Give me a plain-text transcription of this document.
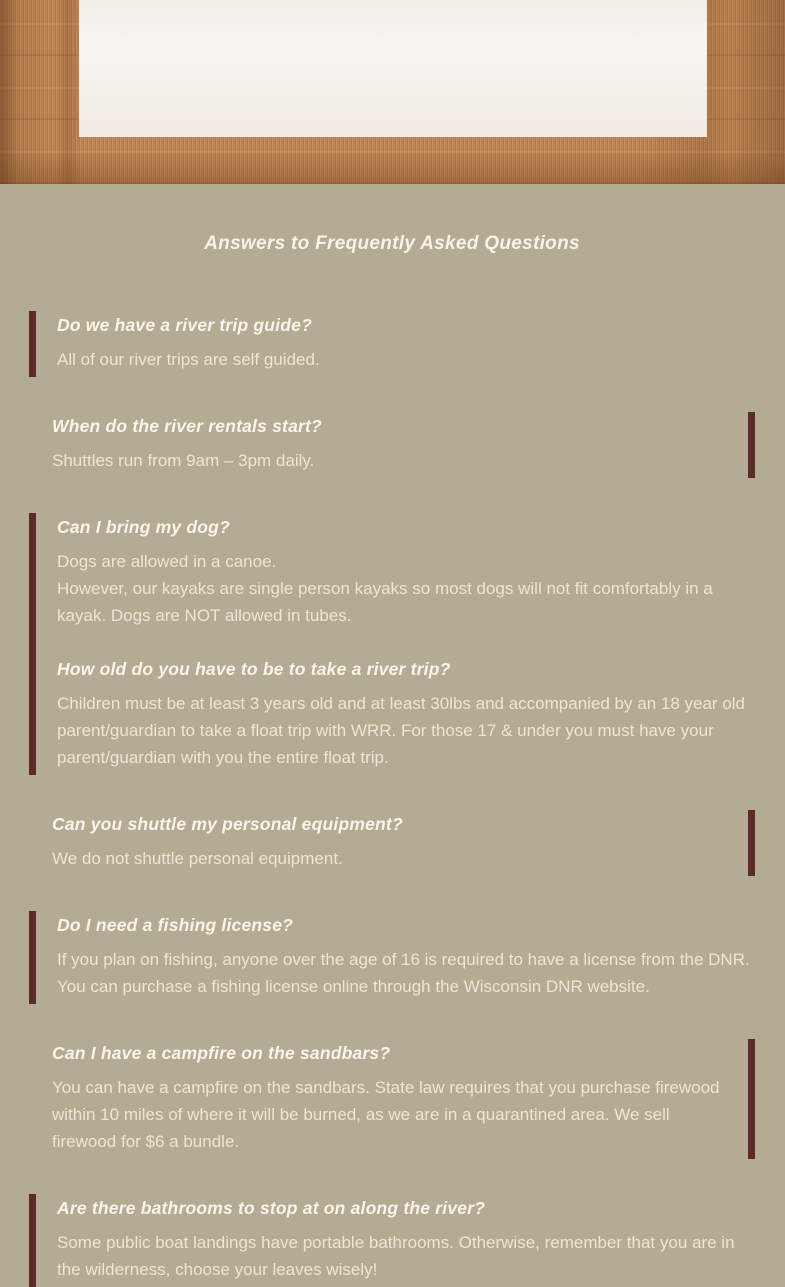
Answers to Frequently Asked Questions
Do we have a river trip guide?

All of our river trips are self guided.

When do the river rentals start?

Shuttles run from 9am – 3pm daily.

Can I bring my dog?

Dogs are allowed in a canoe.

However, our kayaks are single person kayaks so most dogs will not fit comfortably in a kayak. Dogs are NOT allowed in tubes.

How old do you have to be to take a river trip?

Children must be at least 3 years old and at least 30lbs and accompanied by an 18 year old parent/guardian to take a float trip with WRR. For those 17 & under you must have your parent/guardian with you the entire float trip.

Can you shuttle my personal equipment?

We do not shuttle personal equipment.

Do I need a fishing license?

If you plan on fishing, anyone over the age of 16 is required to have a license from the DNR. You can purchase a fishing license online through the Wisconsin DNR website.

Can I have a campfire on the sandbars?

You can have a campfire on the sandbars. State law requires that you purchase firewood within 10 miles of where it will be burned, as we are in a quarantined area. We sell firewood for $6 a bundle.

Are there bathrooms to stop at on along the river?

Some public boat landings have portable bathrooms. Otherwise, remember that you are in the wilderness, choose your leaves wisely!
